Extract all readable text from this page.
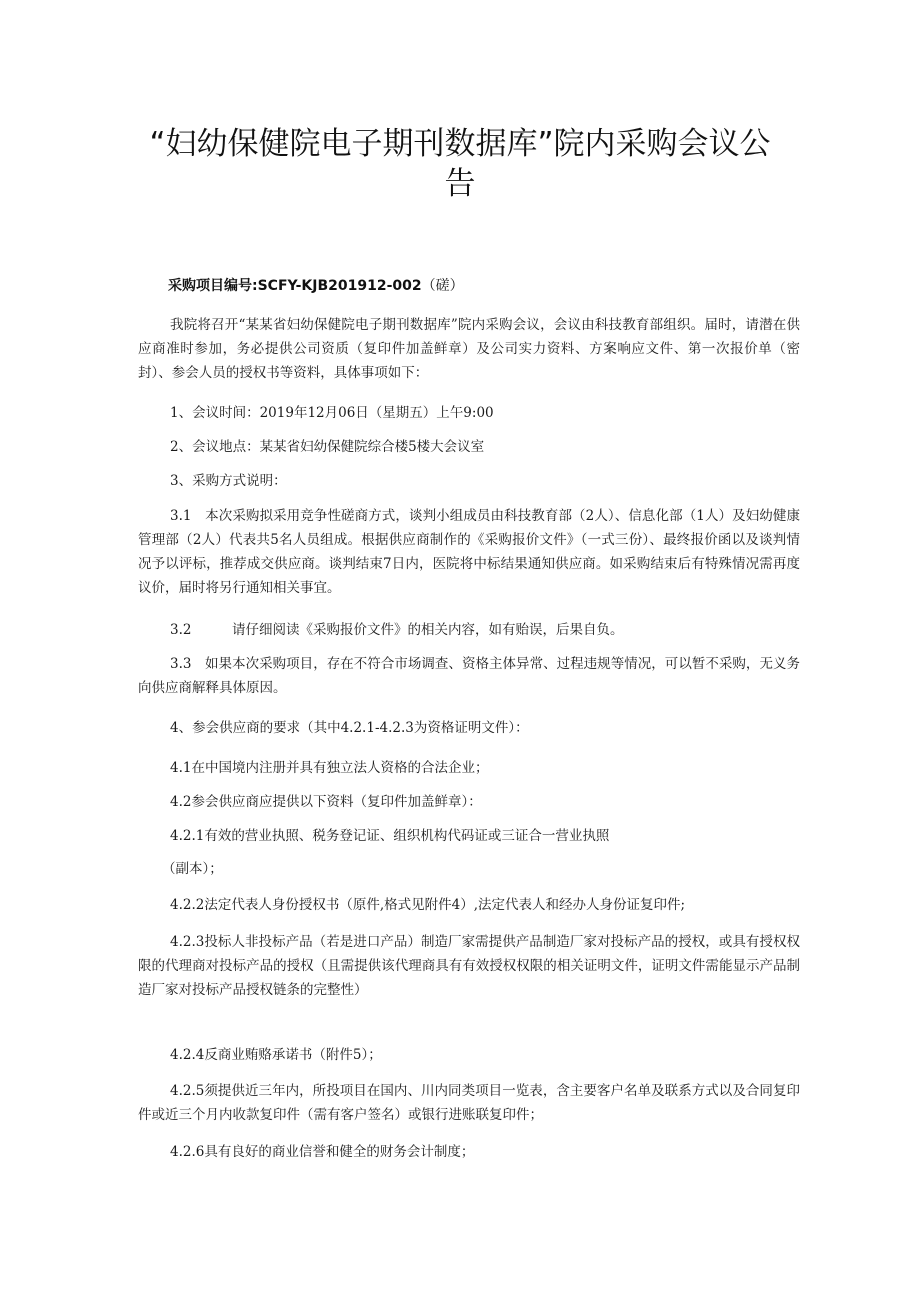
“妇幼保健院电子期刊数据库”院内采购会议公
告
采购项目编号:SCFY-KJB201912-002（磋）

我院将召开“某某省妇幼保健院电子期刊数据库”院内采购会议，会议由科技教育部组织。届时，请潜在供应商准时参加，务必提供公司资质（复印件加盖鲜章）及公司实力资料、方案响应文件、第一次报价单（密封）、参会人员的授权书等资料，具体事项如下：

1、会议时间：2019年12月06日（星期五）上午9:00

2、会议地点：某某省妇幼保健院综合楼5楼大会议室

3、采购方式说明：

3.1　本次采购拟采用竞争性磋商方式，谈判小组成员由科技教育部（2人）、信息化部（1人）及妇幼健康管理部（2人）代表共5名人员组成。根据供应商制作的《采购报价文件》（一式三份）、最终报价函以及谈判情况予以评标，推荐成交供应商。谈判结束7日内，医院将中标结果通知供应商。如采购结束后有特殊情况需再度议价，届时将另行通知相关事宜。

3.2　　　请仔细阅读《采购报价文件》的相关内容，如有贻误，后果自负。

3.3　如果本次采购项目，存在不符合市场调查、资格主体异常、过程违规等情况，可以暂不采购，无义务向供应商解释具体原因。

4、参会供应商的要求（其中4.2.1-4.2.3为资格证明文件）：

4.1在中国境内注册并具有独立法人资格的合法企业；

4.2参会供应商应提供以下资料（复印件加盖鲜章）：

4.2.1有效的营业执照、税务登记证、组织机构代码证或三证合一营业执照

（副本）；

4.2.2法定代表人身份授权书（原件,格式见附件4）,法定代表人和经办人身份证复印件;

4.2.3投标人非投标产品（若是进口产品）制造厂家需提供产品制造厂家对投标产品的授权，或具有授权权限的代理商对投标产品的授权（且需提供该代理商具有有效授权权限的相关证明文件，证明文件需能显示产品制造厂家对投标产品授权链条的完整性）

4.2.4反商业贿赂承诺书（附件5）；

4.2.5须提供近三年内，所投项目在国内、川内同类项目一览表，含主要客户名单及联系方式以及合同复印件或近三个月内收款复印件（需有客户签名）或银行进账联复印件；

4.2.6具有良好的商业信誉和健全的财务会计制度；
